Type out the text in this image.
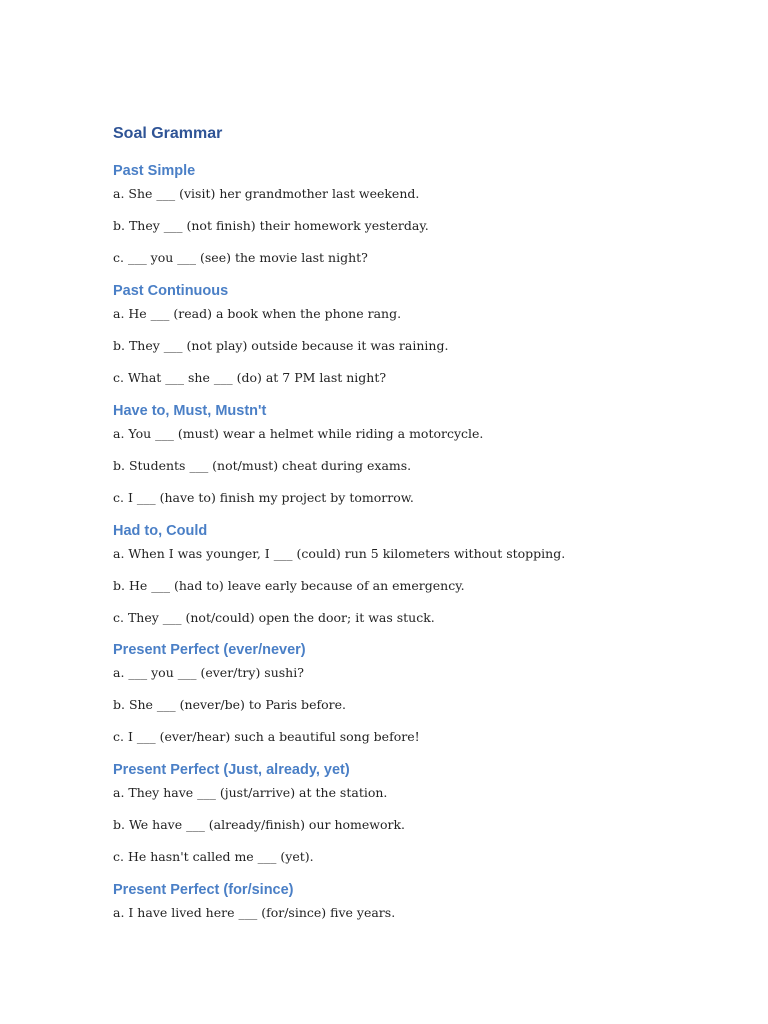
Soal Grammar
Past Simple

a. She ___ (visit) her grandmother last weekend.

b. They ___ (not finish) their homework yesterday.

c. ___ you ___ (see) the movie last night?

Past Continuous

a. He ___ (read) a book when the phone rang.

b. They ___ (not play) outside because it was raining.

c. What ___ she ___ (do) at 7 PM last night?

Have to, Must, Mustn't

a. You ___ (must) wear a helmet while riding a motorcycle.

b. Students ___ (not/must) cheat during exams.

c. I ___ (have to) finish my project by tomorrow.

Had to, Could

a. When I was younger, I ___ (could) run 5 kilometers without stopping.

b. He ___ (had to) leave early because of an emergency.

c. They ___ (not/could) open the door; it was stuck.

Present Perfect (ever/never)

a. ___ you ___ (ever/try) sushi?

b. She ___ (never/be) to Paris before.

c. I ___ (ever/hear) such a beautiful song before!

Present Perfect (Just, already, yet)

a. They have ___ (just/arrive) at the station.

b. We have ___ (already/finish) our homework.

c. He hasn't called me ___ (yet).

Present Perfect (for/since)

a. I have lived here ___ (for/since) five years.
